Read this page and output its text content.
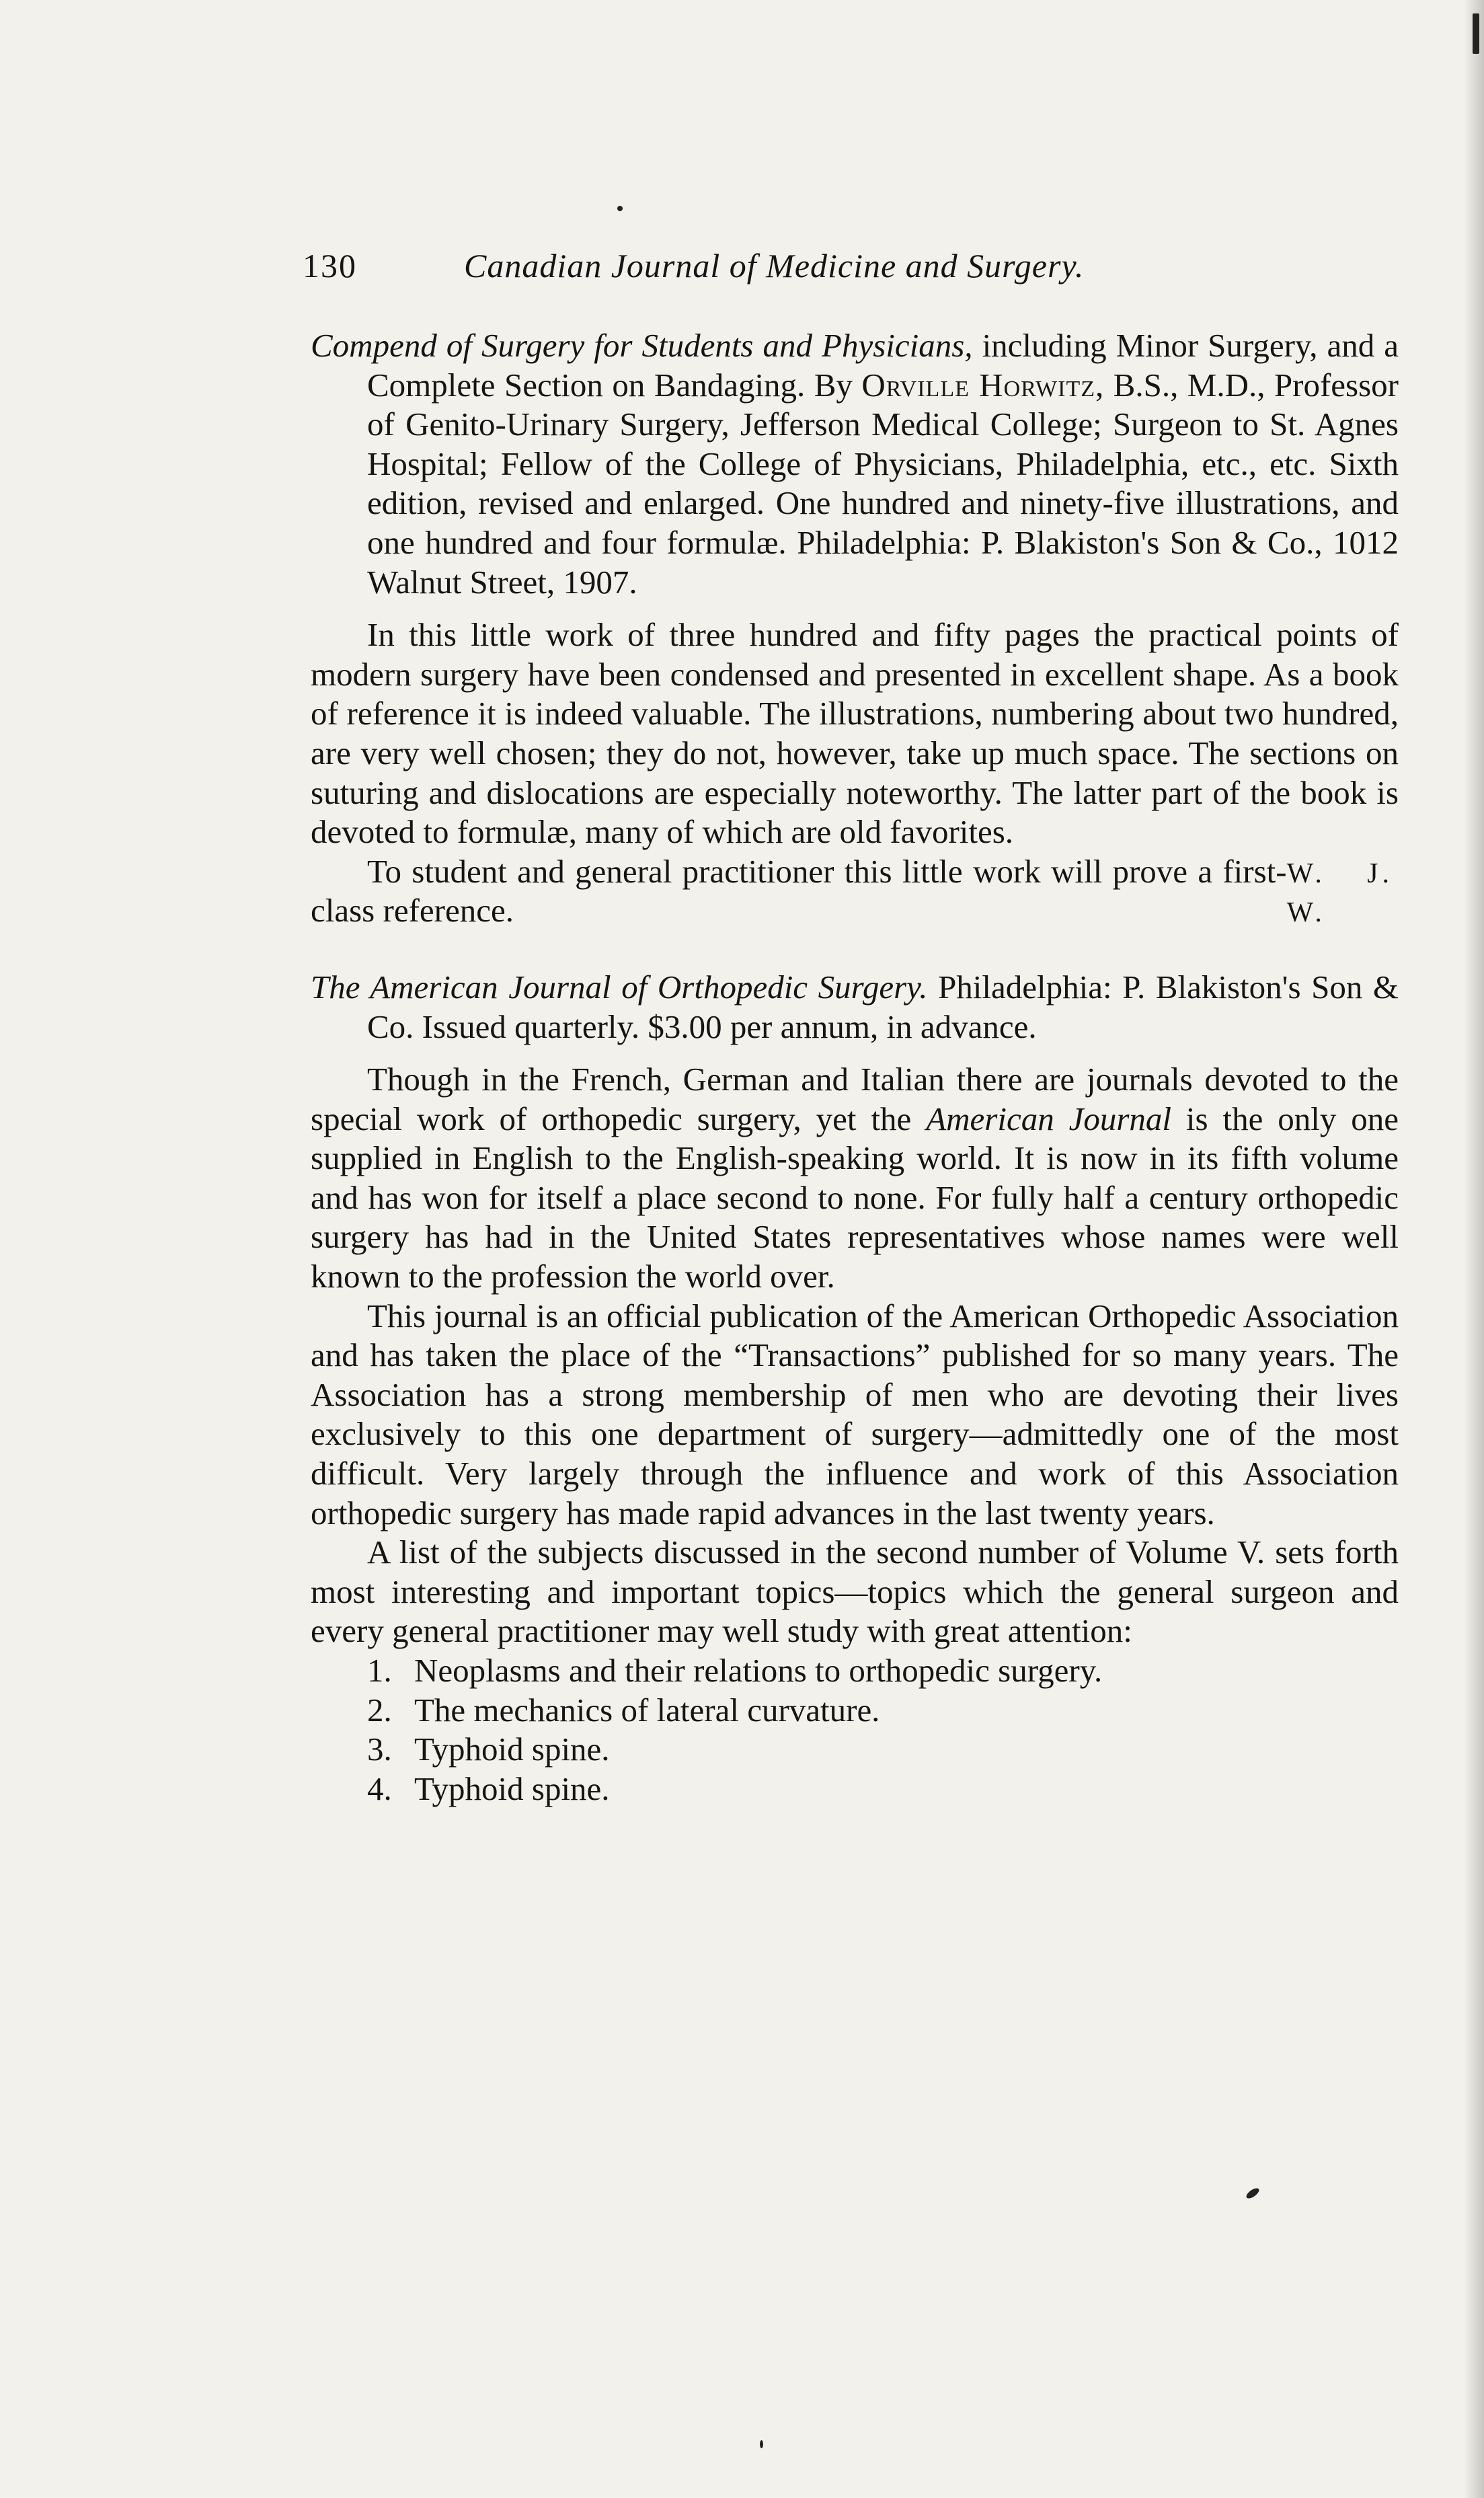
130	Canadian Journal of Medicine and Surgery.

Compend of Surgery for Students and Physicians, including Minor Surgery, and a Complete Section on Bandaging. By Orville Horwitz, B.S., M.D., Professor of Genito-Urinary Surgery, Jefferson Medical College; Surgeon to St. Agnes Hospital; Fellow of the College of Physicians, Philadelphia, etc., etc. Sixth edition, revised and enlarged. One hundred and ninety-five illustrations, and one hundred and four formulæ. Philadelphia: P. Blakiston's Son & Co., 1012 Walnut Street, 1907.

In this little work of three hundred and fifty pages the practical points of modern surgery have been condensed and presented in excellent shape. As a book of reference it is indeed valuable. The illustrations, numbering about two hundred, are very well chosen; they do not, however, take up much space. The sections on suturing and dislocations are especially noteworthy. The latter part of the book is devoted to formulæ, many of which are old favorites.

To student and general practitioner this little work will prove a first-class reference.

W. J. W.

The American Journal of Orthopedic Surgery. Philadelphia: P. Blakiston's Son & Co. Issued quarterly. $3.00 per annum, in advance.

Though in the French, German and Italian there are journals devoted to the special work of orthopedic surgery, yet the American Journal is the only one supplied in English to the English-speaking world. It is now in its fifth volume and has won for itself a place second to none. For fully half a century orthopedic surgery has had in the United States representatives whose names were well known to the profession the world over.

This journal is an official publication of the American Orthopedic Association and has taken the place of the “Transactions” published for so many years. The Association has a strong membership of men who are devoting their lives exclusively to this one department of surgery—admittedly one of the most difficult. Very largely through the influence and work of this Association orthopedic surgery has made rapid advances in the last twenty years.

A list of the subjects discussed in the second number of Volume V. sets forth most interesting and important topics—topics which the general surgeon and every general practitioner may well study with great attention:

1. Neoplasms and their relations to orthopedic surgery.
2. The mechanics of lateral curvature.
3. Typhoid spine.
4. Typhoid spine.
